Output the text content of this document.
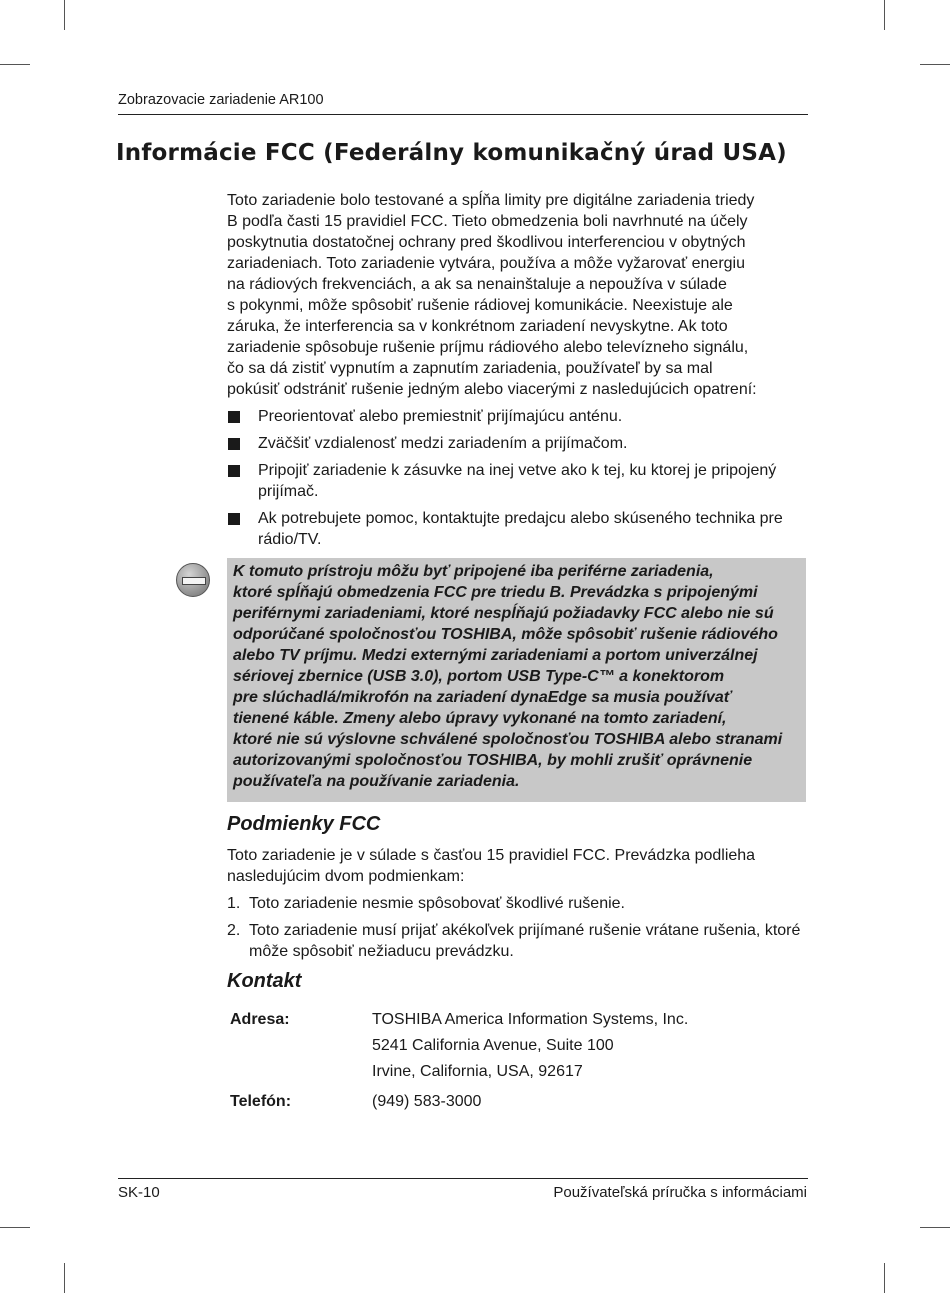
Zobrazovacie zariadenie AR100
Informácie FCC (Federálny komunikačný úrad USA)

Toto zariadenie bolo testované a spĺňa limity pre digitálne zariadenia triedy
B podľa časti 15 pravidiel FCC. Tieto obmedzenia boli navrhnuté na účely
poskytnutia dostatočnej ochrany pred škodlivou interferenciou v obytných
zariadeniach. Toto zariadenie vytvára, používa a môže vyžarovať energiu
na rádiových frekvenciách, a ak sa nenainštaluje a nepoužíva v súlade
s pokynmi, môže spôsobiť rušenie rádiovej komunikácie. Neexistuje ale
záruka, že interferencia sa v konkrétnom zariadení nevyskytne. Ak toto
zariadenie spôsobuje rušenie príjmu rádiového alebo televízneho signálu,
čo sa dá zistiť vypnutím a zapnutím zariadenia, používateľ by sa mal
pokúsiť odstrániť rušenie jedným alebo viacerými z nasledujúcich opatrení:

Preorientovať alebo premiestniť prijímajúcu anténu.
Zväčšiť vzdialenosť medzi zariadením a prijímačom.
Pripojiť zariadenie k zásuvke na inej vetve ako k tej, ku ktorej je pripojený prijímač.
Ak potrebujete pomoc, kontaktujte predajcu alebo skúseného technika pre rádio/TV.
K tomuto prístroju môžu byť pripojené iba periférne zariadenia,
ktoré spĺňajú obmedzenia FCC pre triedu B. Prevádzka s pripojenými
periférnymi zariadeniami, ktoré nespĺňajú požiadavky FCC alebo nie sú
odporúčané spoločnosťou TOSHIBA, môže spôsobiť rušenie rádiového
alebo TV príjmu. Medzi externými zariadeniami a portom univerzálnej
sériovej zbernice (USB 3.0), portom USB Type-C™ a konektorom
pre slúchadlá/mikrofón na zariadení dynaEdge sa musia používať
tienené káble. Zmeny alebo úpravy vykonané na tomto zariadení,
ktoré nie sú výslovne schválené spoločnosťou TOSHIBA alebo stranami
autorizovanými spoločnosťou TOSHIBA, by mohli zrušiť oprávnenie
používateľa na používanie zariadenia.
Podmienky FCC

Toto zariadenie je v súlade s časťou 15 pravidiel FCC. Prevádzka podlieha nasledujúcim dvom podmienkam:

1. Toto zariadenie nesmie spôsobovať škodlivé rušenie.
2. Toto zariadenie musí prijať akékoľvek prijímané rušenie vrátane rušenia, ktoré môže spôsobiť nežiaducu prevádzku.
Kontakt
Adresa:	TOSHIBA America Information Systems, Inc.
5241 California Avenue, Suite 100
Irvine, California, USA, 92617
Telefón:	(949) 583-3000
SK-10	Používateľská príručka s informáciami
